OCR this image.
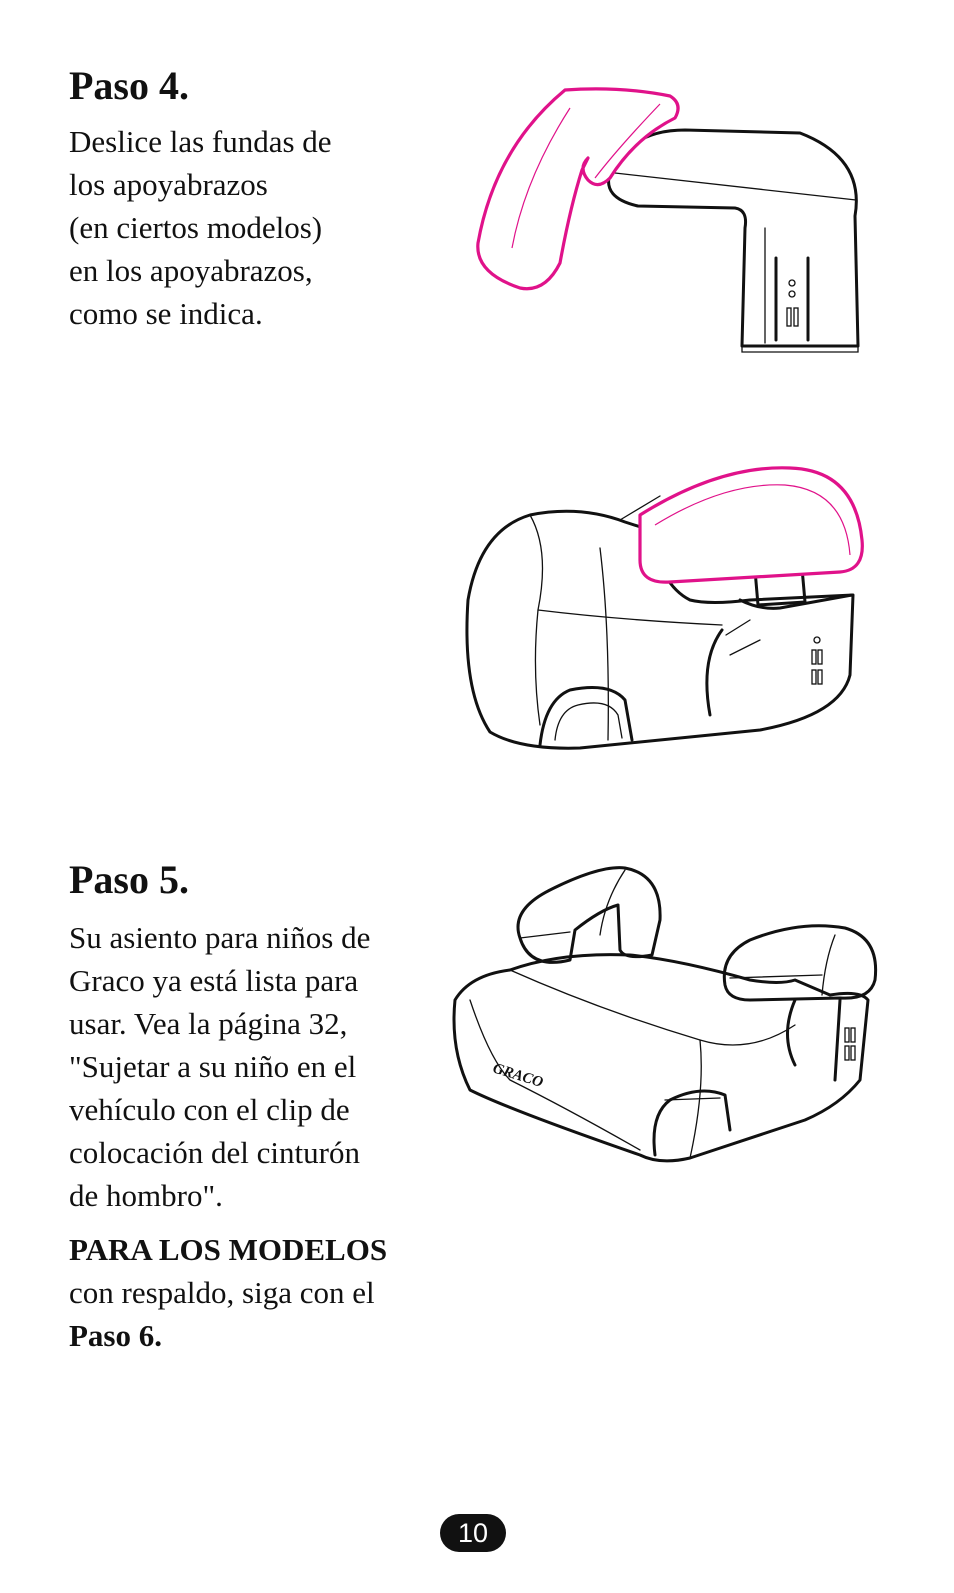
Paso 4.

Deslice las fundas de
los apoyabrazos
(en ciertos modelos)
en los apoyabrazos,
como se indica.

Paso 5.

Su asiento para niños de
Graco ya está lista para
usar. Vea la página 32,
"Sujetar a su niño en el
vehículo con el clip de
colocación del cinturón
de hombro".

PARA LOS MODELOS
con respaldo, siga con el
Paso 6.

GRACO
10
